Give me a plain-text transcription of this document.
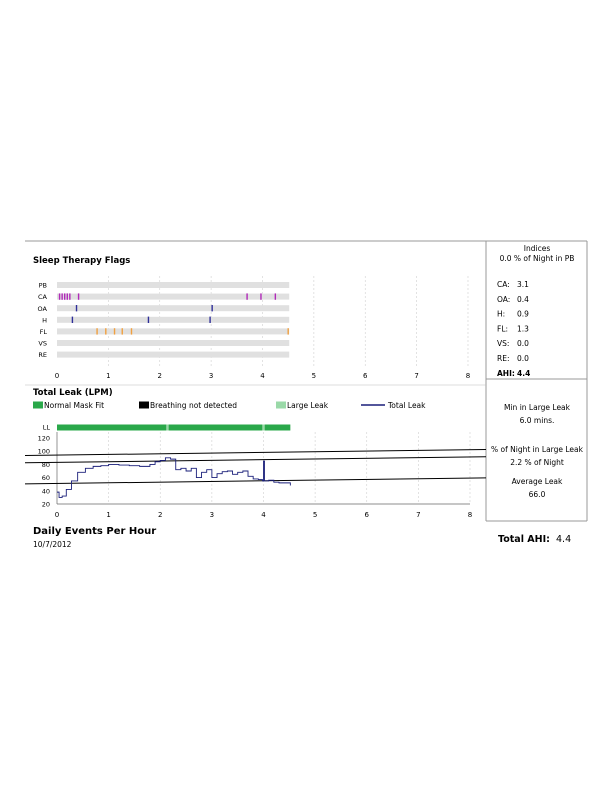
Sleep Therapy Flags
PB
CA
OA
H
FL
VS
RE
0	1	2	3	4	5	6	7	8
Total Leak (LPM)
Normal Mask Fit	Breathing not detected	Large Leak	Total Leak
LL
120
100
80
60
40
20
0	1	2	3	4	5	6	7	8
Indices
0.0 % of Night in PB
CA: 3.1
OA: 0.4
H: 0.9
FL: 1.3
VS: 0.0
RE: 0.0
AHI: 4.4
Min in Large Leak
6.0 mins.
% of Night in Large Leak
2.2 % of Night
Average Leak
66.0
Daily Events Per Hour
10/7/2012	Total AHI: 4.4
